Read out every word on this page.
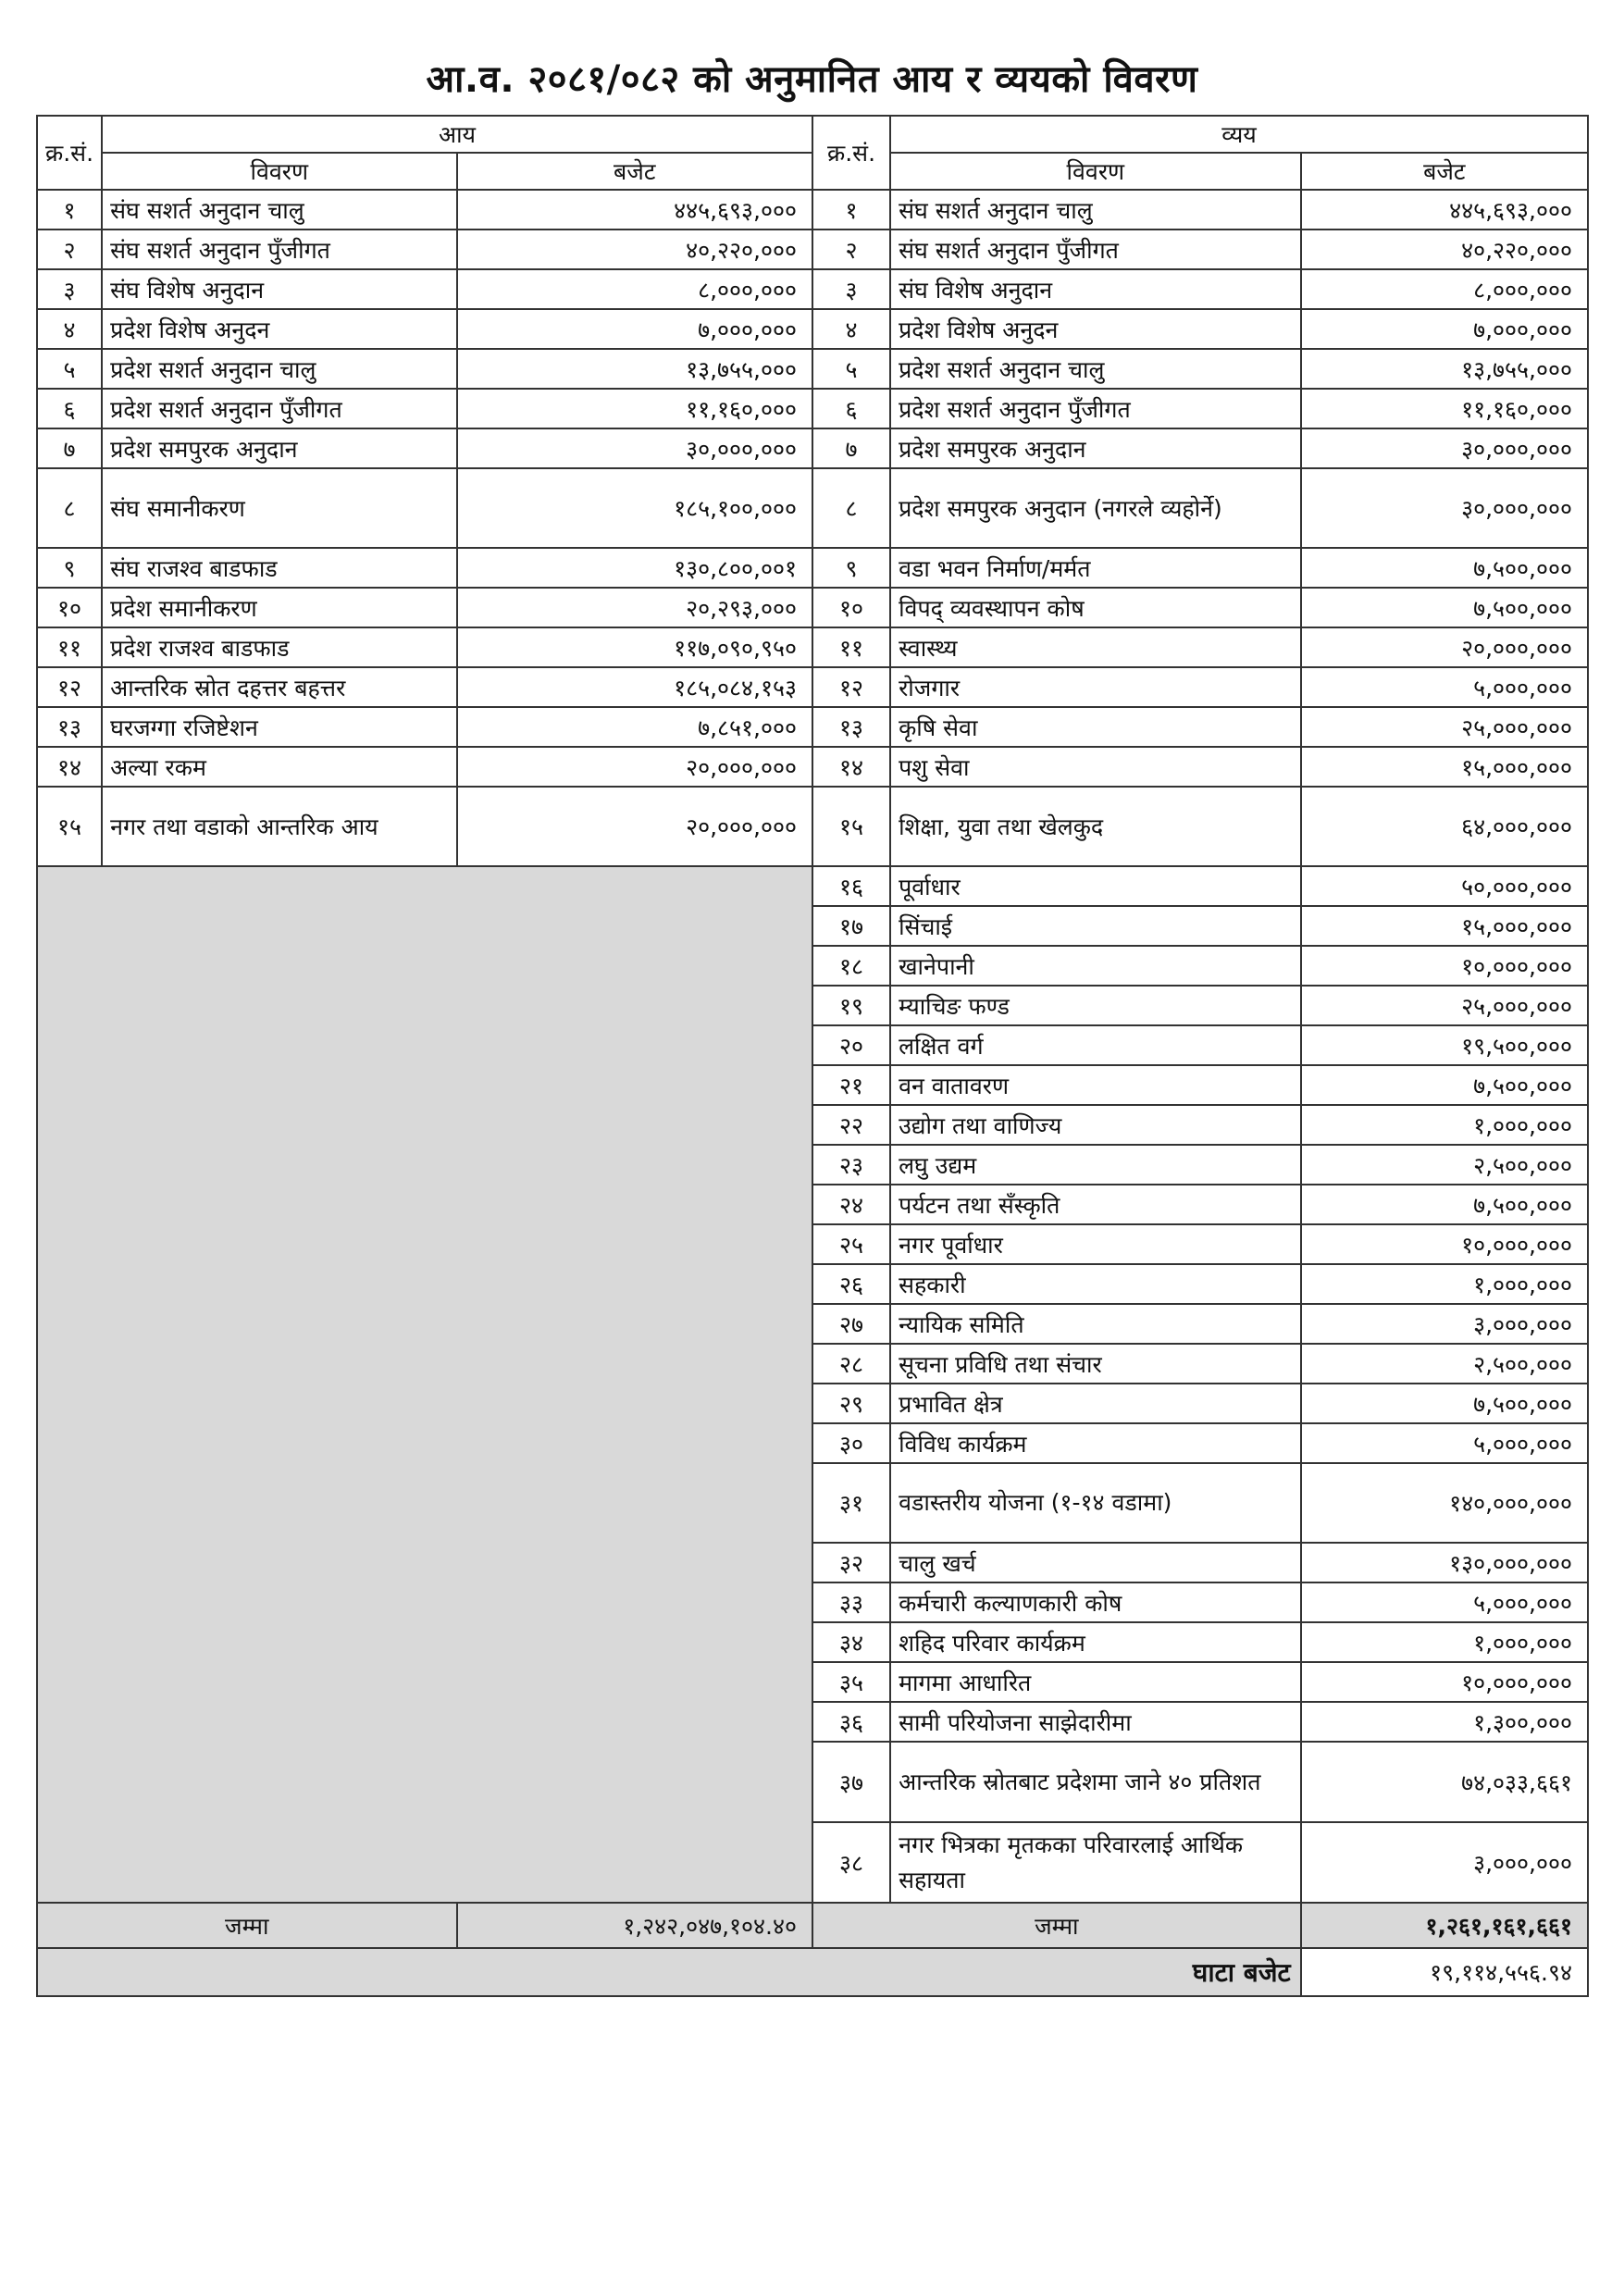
आ.व. २०८१/०८२ को अनुमानित आय र व्ययको विवरण
क्र.सं.	आय		क्र.सं.	व्यय	
	विवरण	बजेट		विवरण	बजेट
१	संघ सशर्त अनुदान चालु	४४५,६९३,०००	१	संघ सशर्त अनुदान चालु	४४५,६९३,०००
२	संघ सशर्त अनुदान पुँजीगत	४०,२२०,०००	२	संघ सशर्त अनुदान पुँजीगत	४०,२२०,०००
३	संघ विशेष अनुदान	८,०००,०००	३	संघ विशेष अनुदान	८,०००,०००
४	प्रदेश विशेष अनुदन	७,०००,०००	४	प्रदेश विशेष अनुदन	७,०००,०००
५	प्रदेश सशर्त अनुदान चालु	१३,७५५,०००	५	प्रदेश सशर्त अनुदान चालु	१३,७५५,०००
६	प्रदेश सशर्त अनुदान पुँजीगत	११,१६०,०००	६	प्रदेश सशर्त अनुदान पुँजीगत	११,१६०,०००
७	प्रदेश समपुरक अनुदान	३०,०००,०००	७	प्रदेश समपुरक अनुदान	३०,०००,०००
८	संघ समानीकरण	१८५,१००,०००	८	प्रदेश समपुरक अनुदान (नगरले व्यहोर्ने)	३०,०००,०००
९	संघ राजश्व बाडफाड	१३०,८००,००१	९	वडा भवन निर्माण/मर्मत	७,५००,०००
१०	प्रदेश समानीकरण	२०,२९३,०००	१०	विपद् व्यवस्थापन कोष	७,५००,०००
११	प्रदेश राजश्व बाडफाड	११७,०९०,९५०	११	स्वास्थ्य	२०,०००,०००
१२	आन्तरिक स्रोत दहत्तर बहत्तर	१८५,०८४,१५३	१२	रोजगार	५,०००,०००
१३	घरजग्गा रजिष्टेशन	७,८५१,०००	१३	कृषि सेवा	२५,०००,०००
१४	अल्या रकम	२०,०००,०००	१४	पशु सेवा	१५,०००,०००
१५	नगर तथा वडाको आन्तरिक आय	२०,०००,०००	१५	शिक्षा, युवा तथा खेलकुद	६४,०००,०००
			१६	पूर्वाधार	५०,०००,०००
			१७	सिंचाई	१५,०००,०००
			१८	खानेपानी	१०,०००,०००
			१९	म्याचिङ फण्ड	२५,०००,०००
			२०	लक्षित वर्ग	१९,५००,०००
			२१	वन वातावरण	७,५००,०००
			२२	उद्योग तथा वाणिज्य	१,०००,०००
			२३	लघु उद्यम	२,५००,०००
			२४	पर्यटन तथा सँस्कृति	७,५००,०००
			२५	नगर पूर्वाधार	१०,०००,०००
			२६	सहकारी	१,०००,०००
			२७	न्यायिक समिति	३,०००,०००
			२८	सूचना प्रविधि तथा संचार	२,५००,०००
			२९	प्रभावित क्षेत्र	७,५००,०००
			३०	विविध कार्यक्रम	५,०००,०००
			३१	वडास्तरीय योजना (१-१४ वडामा)	१४०,०००,०००
			३२	चालु खर्च	१३०,०००,०००
			३३	कर्मचारी कल्याणकारी कोष	५,०००,०००
			३४	शहिद परिवार कार्यक्रम	१,०००,०००
			३५	मागमा आधारित	१०,०००,०००
			३६	सामी परियोजना साझेदारीमा	१,३००,०००
			३७	आन्तरिक स्रोतबाट प्रदेशमा जाने ४० प्रतिशत	७४,०३३,६६१
			३८	नगर भित्रका मृतकका परिवारलाई आर्थिक सहायता	३,०००,०००
जम्मा		१,२४२,०४७,१०४.४०	जम्मा		१,२६१,१६१,६६१
घाटा बजेट					१९,११४,५५६.९४
